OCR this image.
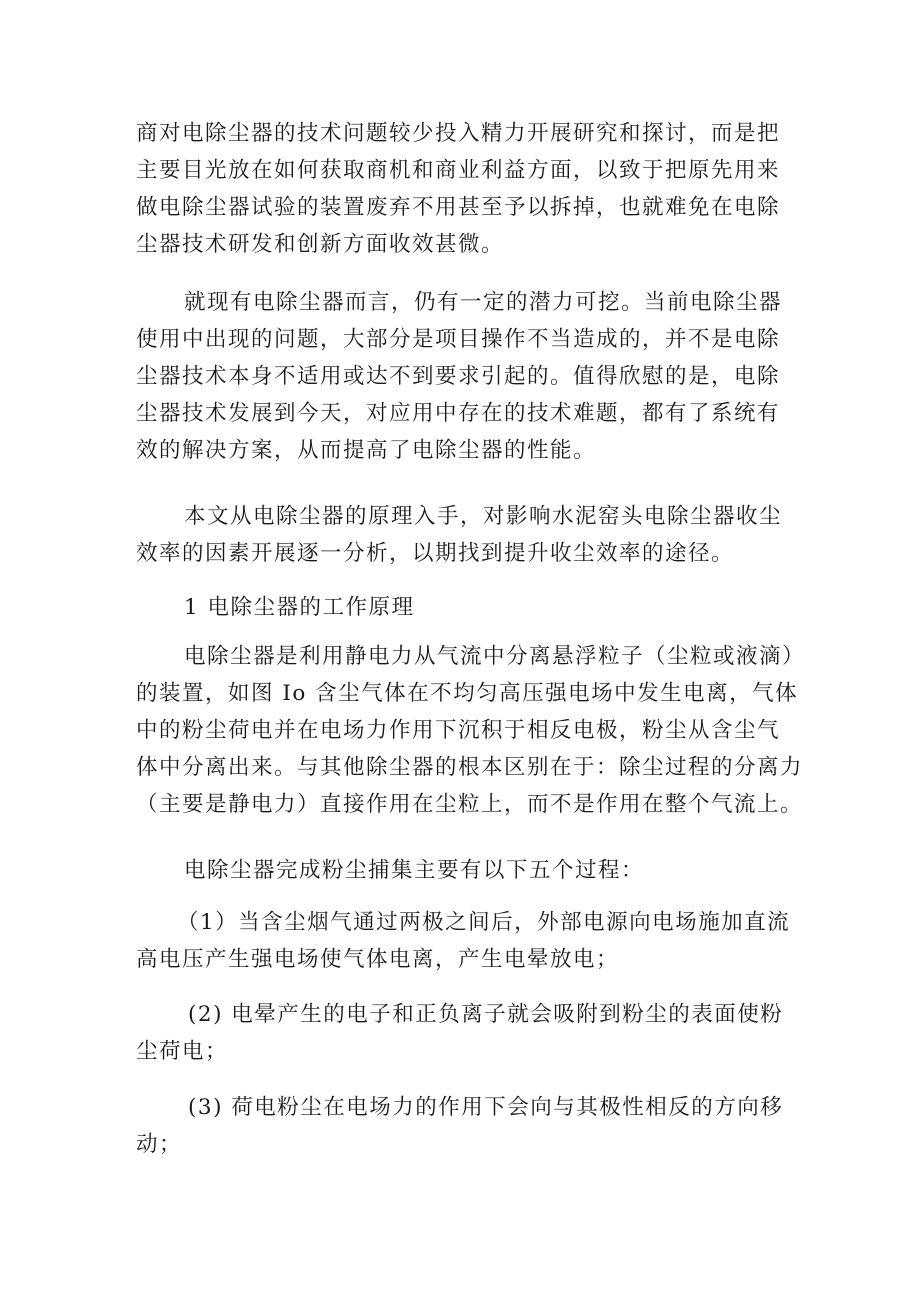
商对电除尘器的技术问题较少投入精力开展研究和探讨，而是把
主要目光放在如何获取商机和商业利益方面，以致于把原先用来
做电除尘器试验的装置废弃不用甚至予以拆掉，也就难免在电除
尘器技术研发和创新方面收效甚微。
就现有电除尘器而言，仍有一定的潜力可挖。当前电除尘器
使用中出现的问题，大部分是项目操作不当造成的，并不是电除
尘器技术本身不适用或达不到要求引起的。值得欣慰的是，电除
尘器技术发展到今天，对应用中存在的技术难题，都有了系统有
效的解决方案，从而提高了电除尘器的性能。
本文从电除尘器的原理入手，对影响水泥窑头电除尘器收尘
效率的因素开展逐一分析，以期找到提升收尘效率的途径。
1 电除尘器的工作原理
电除尘器是利用静电力从气流中分离悬浮粒子（尘粒或液滴）
的装置，如图 Io 含尘气体在不均匀高压强电场中发生电离，气体
中的粉尘荷电并在电场力作用下沉积于相反电极，粉尘从含尘气
体中分离出来。与其他除尘器的根本区别在于：除尘过程的分离力
（主要是静电力）直接作用在尘粒上，而不是作用在整个气流上。
电除尘器完成粉尘捕集主要有以下五个过程：
（1）当含尘烟气通过两极之间后，外部电源向电场施加直流
高电压产生强电场使气体电离，产生电晕放电；
(2) 电晕产生的电子和正负离子就会吸附到粉尘的表面使粉
尘荷电；
(3) 荷电粉尘在电场力的作用下会向与其极性相反的方向移
动；
